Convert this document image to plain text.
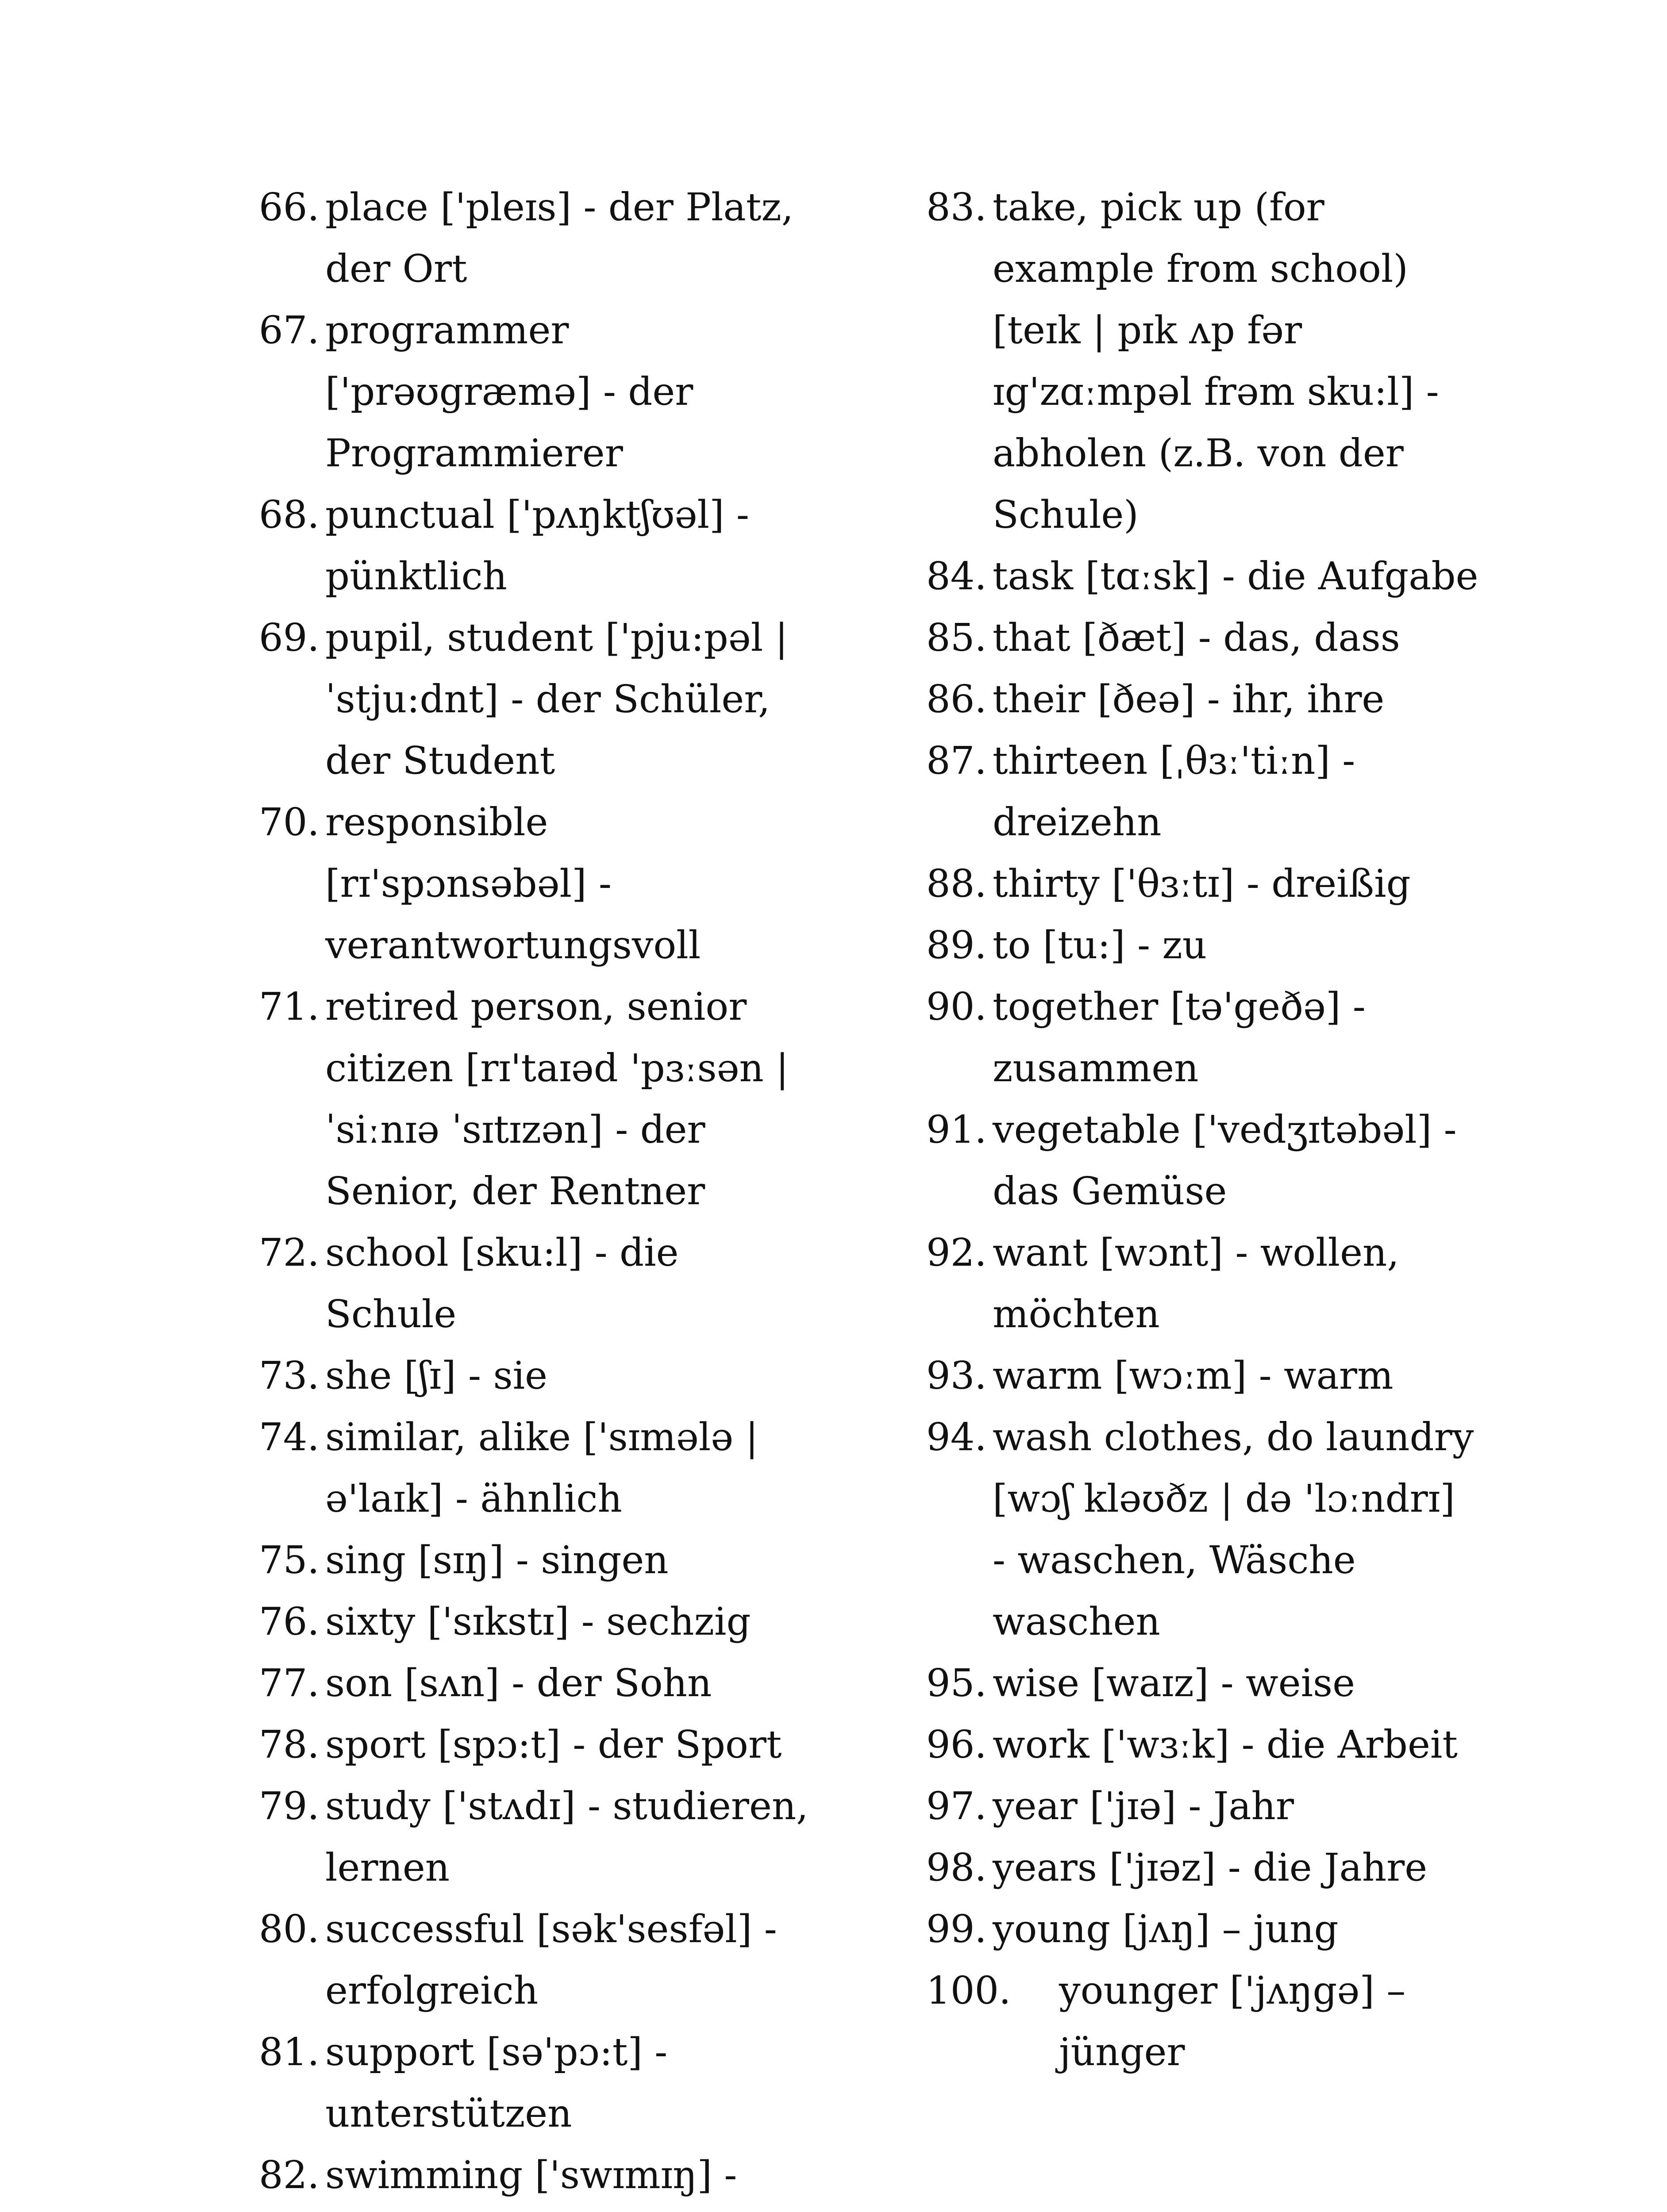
66. place ['pleɪs] - der Platz,
der Ort
67. programmer
['prəʊgræmə] - der
Programmierer
68. punctual ['pʌŋktʃʊəl] -
pünktlich
69. pupil, student ['pju:pəl |
ˈstju:dnt] - der Schüler,
der Student
70. responsible
[rɪ'spɔnsəbəl] -
verantwortungsvoll
71. retired person, senior
citizen [rɪ'taɪəd 'pɜːsən |
ˈsiːnɪə ˈsɪtɪzən] - der
Senior, der Rentner
72. school [sku:l] - die
Schule
73. she [ʃɪ] - sie
74. similar, alike ['sɪmələ |
ə'laɪk] - ähnlich
75. sing [sɪŋ] - singen
76. sixty ['sɪkstɪ] - sechzig
77. son [sʌn] - der Sohn
78. sport [spɔ:t] - der Sport
79. study ['stʌdɪ] - studieren,
lernen
80. successful [sək'sesfəl] -
erfolgreich
81. support [sə'pɔ:t] -
unterstützen
82. swimming ['swɪmɪŋ] -
83. take, pick up (for
example from school)
[teɪk | pɪk ʌp fər
ɪg'zɑːmpəl frəm sku:l] -
abholen (z.B. von der
Schule)
84. task [tɑːsk] - die Aufgabe
85. that [ðæt] - das, dass
86. their [ðeə] - ihr, ihre
87. thirteen [ˌθɜː'tiːn] -
dreizehn
88. thirty ['θɜːtɪ] - dreißig
89. to [tu:] - zu
90. together [tə'geðə] -
zusammen
91. vegetable ['vedʒɪtəbəl] -
das Gemüse
92. want [wɔnt] - wollen,
möchten
93. warm [wɔːm] - warm
94. wash clothes, do laundry
[wɔʃ kləʊðz | də 'lɔːndrɪ]
- waschen, Wäsche
waschen
95. wise [waɪz] - weise
96. work ['wɜːk] - die Arbeit
97. year ['jɪə] - Jahr
98. years ['jɪəz] - die Jahre
99. young [jʌŋ] – jung
100.	younger ['jʌŋgə] –
jünger
